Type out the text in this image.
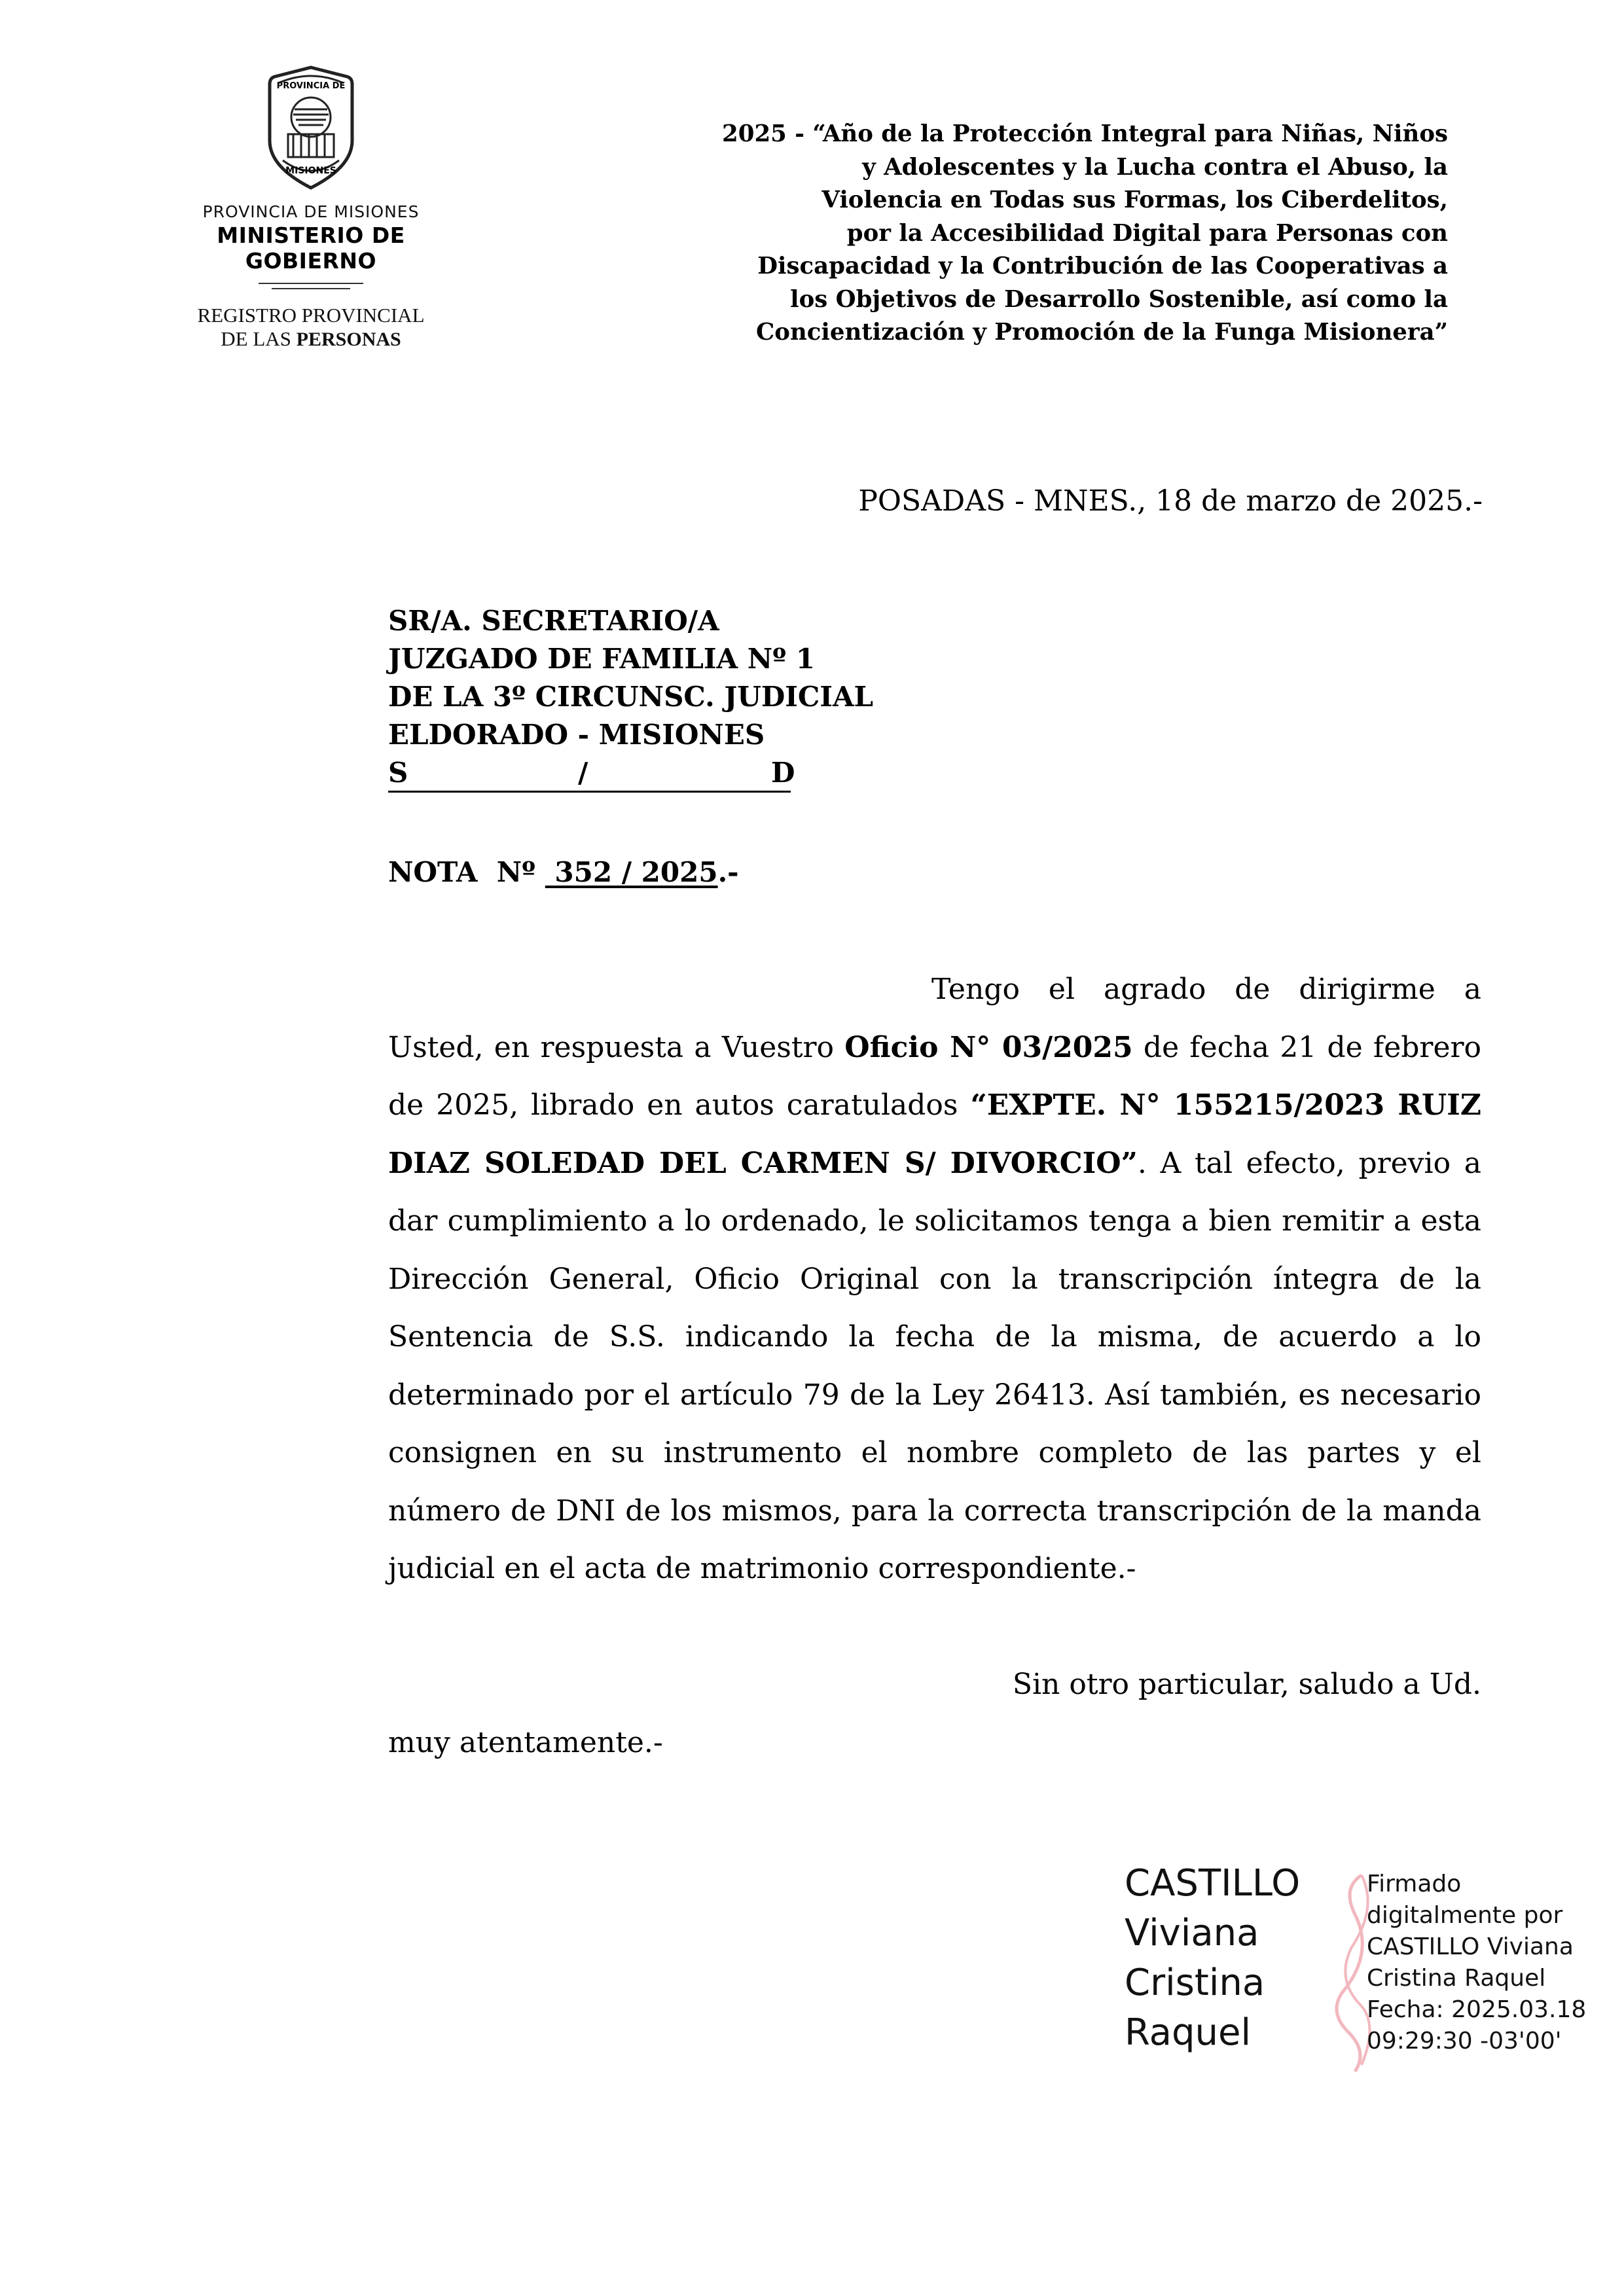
PROVINCIA DE
MISIONES
PROVINCIA DE MISIONES
MINISTERIO DE GOBIERNO
REGISTRO PROVINCIAL
DE LAS PERSONAS
2025 - “Año de la Protección Integral para Niñas, Niños
y Adolescentes y la Lucha contra el Abuso, la
Violencia en Todas sus Formas, los Ciberdelitos,
por la Accesibilidad Digital para Personas con
Discapacidad y la Contribución de las Cooperativas a
los Objetivos de Desarrollo Sostenible, así como la
Concientización y Promoción de la Funga Misionera”
POSADAS - MNES., 18 de marzo de 2025.-
SR/A. SECRETARIO/A
JUZGADO DE FAMILIA Nº 1
DE LA 3º CIRCUNSC. JUDICIAL
ELDORADO - MISIONES
S	/	D
NOTA  Nº  352 / 2025.-

Tengo el agrado de dirigirme a Usted, en respuesta a Vuestro Oficio N° 03/2025 de fecha 21 de febrero de 2025, librado en autos caratulados “EXPTE. N° 155215/2023 RUIZ DIAZ SOLEDAD DEL CARMEN S/ DIVORCIO”. A tal efecto, previo a dar cumplimiento a lo ordenado, le solicitamos tenga a bien remitir a esta Dirección General, Oficio Original con la transcripción íntegra de la Sentencia de S.S. indicando la fecha de la misma, de acuerdo a lo determinado por el artículo 79 de la Ley 26413. Así también, es necesario consignen en su instrumento el nombre completo de las partes y el número de DNI de los mismos, para la correcta transcripción de la manda judicial en el acta de matrimonio correspondiente.-

Sin otro particular, saludo a Ud.
muy atentamente.-
CASTILLO
Viviana
Cristina
Raquel
Firmado
digitalmente por
CASTILLO Viviana
Cristina Raquel
Fecha: 2025.03.18
09:29:30 -03'00'
